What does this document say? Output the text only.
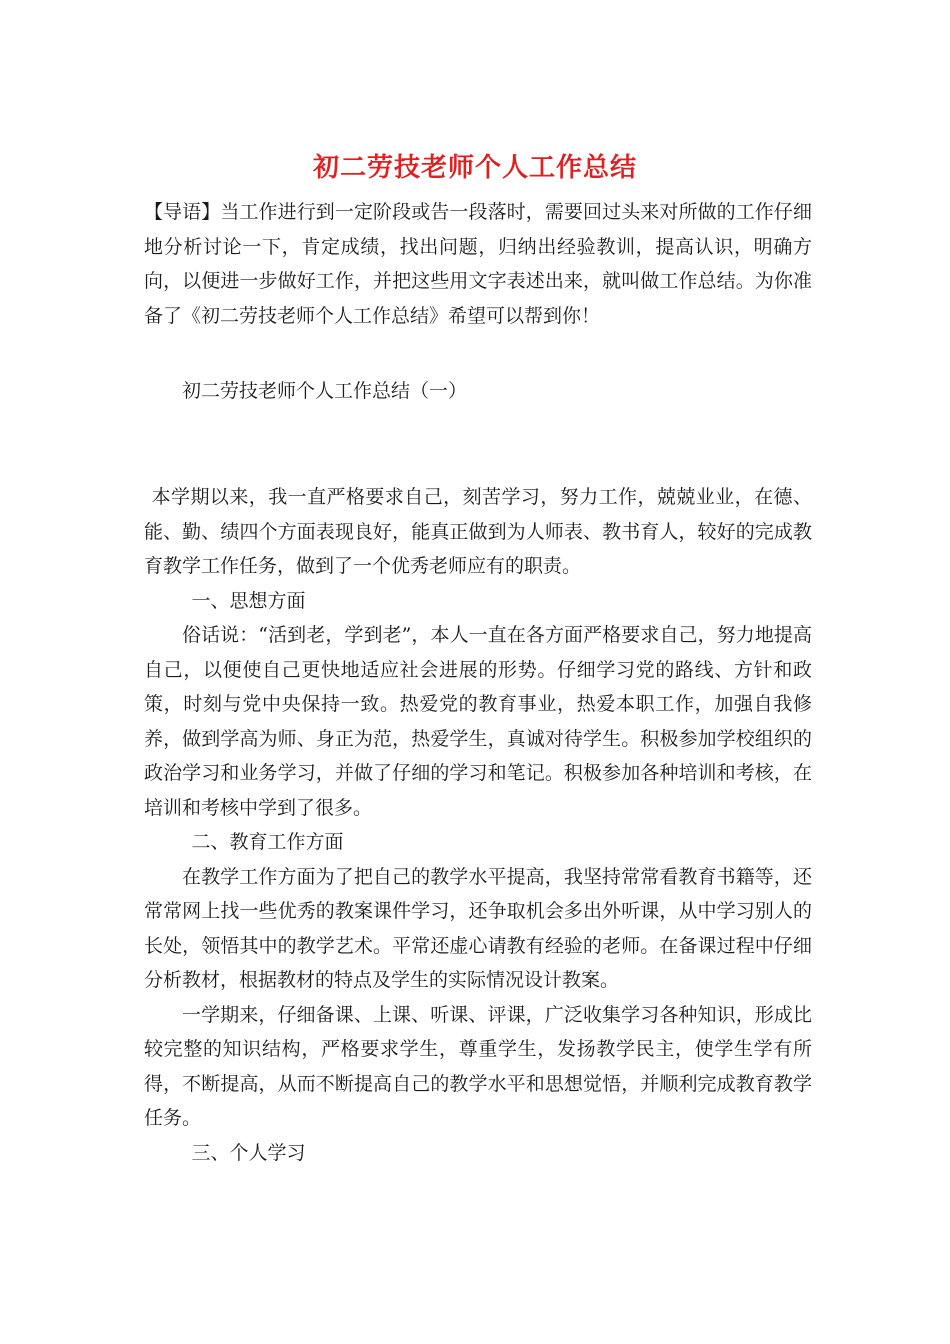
初二劳技老师个人工作总结
【导语】当工作进行到一定阶段或告一段落时，需要回过头来对所做的工作仔细地分析讨论一下，肯定成绩，找出问题，归纳出经验教训，提高认识，明确方向，以便进一步做好工作，并把这些用文字表述出来，就叫做工作总结。为你准备了《初二劳技老师个人工作总结》希望可以帮到你！
初二劳技老师个人工作总结（一）

本学期以来，我一直严格要求自己，刻苦学习，努力工作，兢兢业业，在德、能、勤、绩四个方面表现良好，能真正做到为人师表、教书育人，较好的完成教育教学工作任务，做到了一个优秀老师应有的职责。

一、思想方面

俗话说：“活到老，学到老”，本人一直在各方面严格要求自己，努力地提高自己，以便使自己更快地适应社会进展的形势。仔细学习党的路线、方针和政策，时刻与党中央保持一致。热爱党的教育事业，热爱本职工作，加强自我修养，做到学高为师、身正为范，热爱学生，真诚对待学生。积极参加学校组织的政治学习和业务学习，并做了仔细的学习和笔记。积极参加各种培训和考核，在培训和考核中学到了很多。

二、教育工作方面

在教学工作方面为了把自己的教学水平提高，我坚持常常看教育书籍等，还常常网上找一些优秀的教案课件学习，还争取机会多出外听课，从中学习别人的长处，领悟其中的教学艺术。平常还虚心请教有经验的老师。在备课过程中仔细分析教材，根据教材的特点及学生的实际情况设计教案。

一学期来，仔细备课、上课、听课、评课，广泛收集学习各种知识，形成比较完整的知识结构，严格要求学生，尊重学生，发扬教学民主，使学生学有所得，不断提高，从而不断提高自己的教学水平和思想觉悟，并顺利完成教育教学任务。

三、个人学习
